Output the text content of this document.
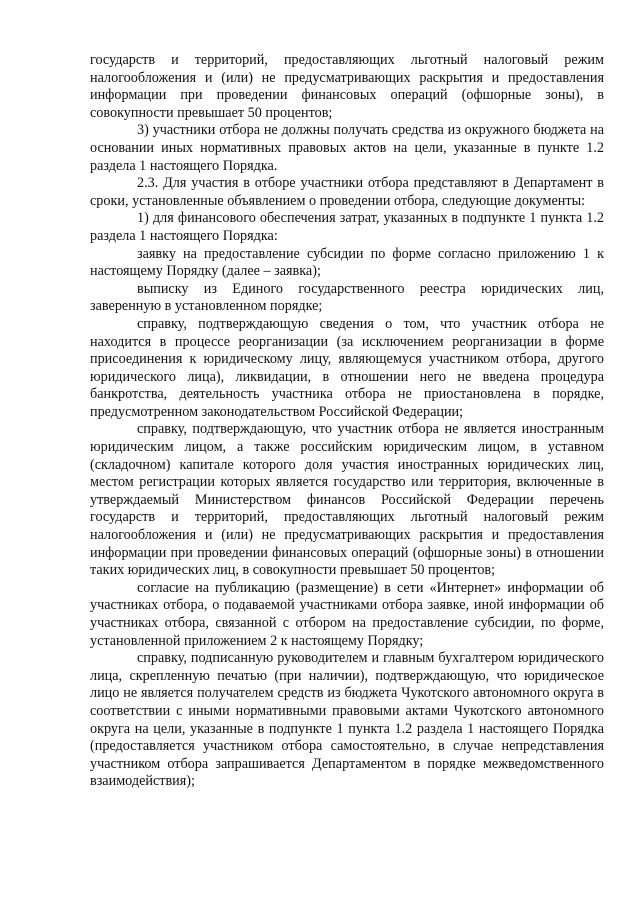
государств и территорий, предоставляющих льготный налоговый режим налогообложения и (или) не предусматривающих раскрытия и предоставления информации при проведении финансовых операций (офшорные зоны), в совокупности превышает 50 процентов;

3) участники отбора не должны получать средства из окружного бюджета на основании иных нормативных правовых актов на цели, указанные в пункте 1.2 раздела 1 настоящего Порядка.

2.3. Для участия в отборе участники отбора представляют в Департамент в сроки, установленные объявлением о проведении отбора, следующие документы:

1) для финансового обеспечения затрат, указанных в подпункте 1 пункта 1.2 раздела 1 настоящего Порядка:

заявку на предоставление субсидии по форме согласно приложению 1 к настоящему Порядку (далее – заявка);

выписку из Единого государственного реестра юридических лиц, заверенную в установленном порядке;

справку, подтверждающую сведения о том, что участник отбора не находится в процессе реорганизации (за исключением реорганизации в форме присоединения к юридическому лицу, являющемуся участником отбора, другого юридического лица), ликвидации, в отношении него не введена процедура банкротства, деятельность участника отбора не приостановлена в порядке, предусмотренном законодательством Российской Федерации;

справку, подтверждающую, что участник отбора не является иностранным юридическим лицом, а также российским юридическим лицом, в уставном (складочном) капитале которого доля участия иностранных юридических лиц, местом регистрации которых является государство или территория, включенные в утверждаемый Министерством финансов Российской Федерации перечень государств и территорий, предоставляющих льготный налоговый режим налогообложения и (или) не предусматривающих раскрытия и предоставления информации при проведении финансовых операций (офшорные зоны) в отношении таких юридических лиц, в совокупности превышает 50 процентов;

согласие на публикацию (размещение) в сети «Интернет» информации об участниках отбора, о подаваемой участниками отбора заявке, иной информации об участниках отбора, связанной с отбором на предоставление субсидии, по форме, установленной приложением 2 к настоящему Порядку;

справку, подписанную руководителем и главным бухгалтером юридического лица, скрепленную печатью (при наличии), подтверждающую, что юридическое лицо не является получателем средств из бюджета Чукотского автономного округа в соответствии с иными нормативными правовыми актами Чукотского автономного округа на цели, указанные в подпункте 1 пункта 1.2 раздела 1 настоящего Порядка (предоставляется участником отбора самостоятельно, в случае непредставления участником отбора запрашивается Департаментом в порядке межведомственного взаимодействия);
